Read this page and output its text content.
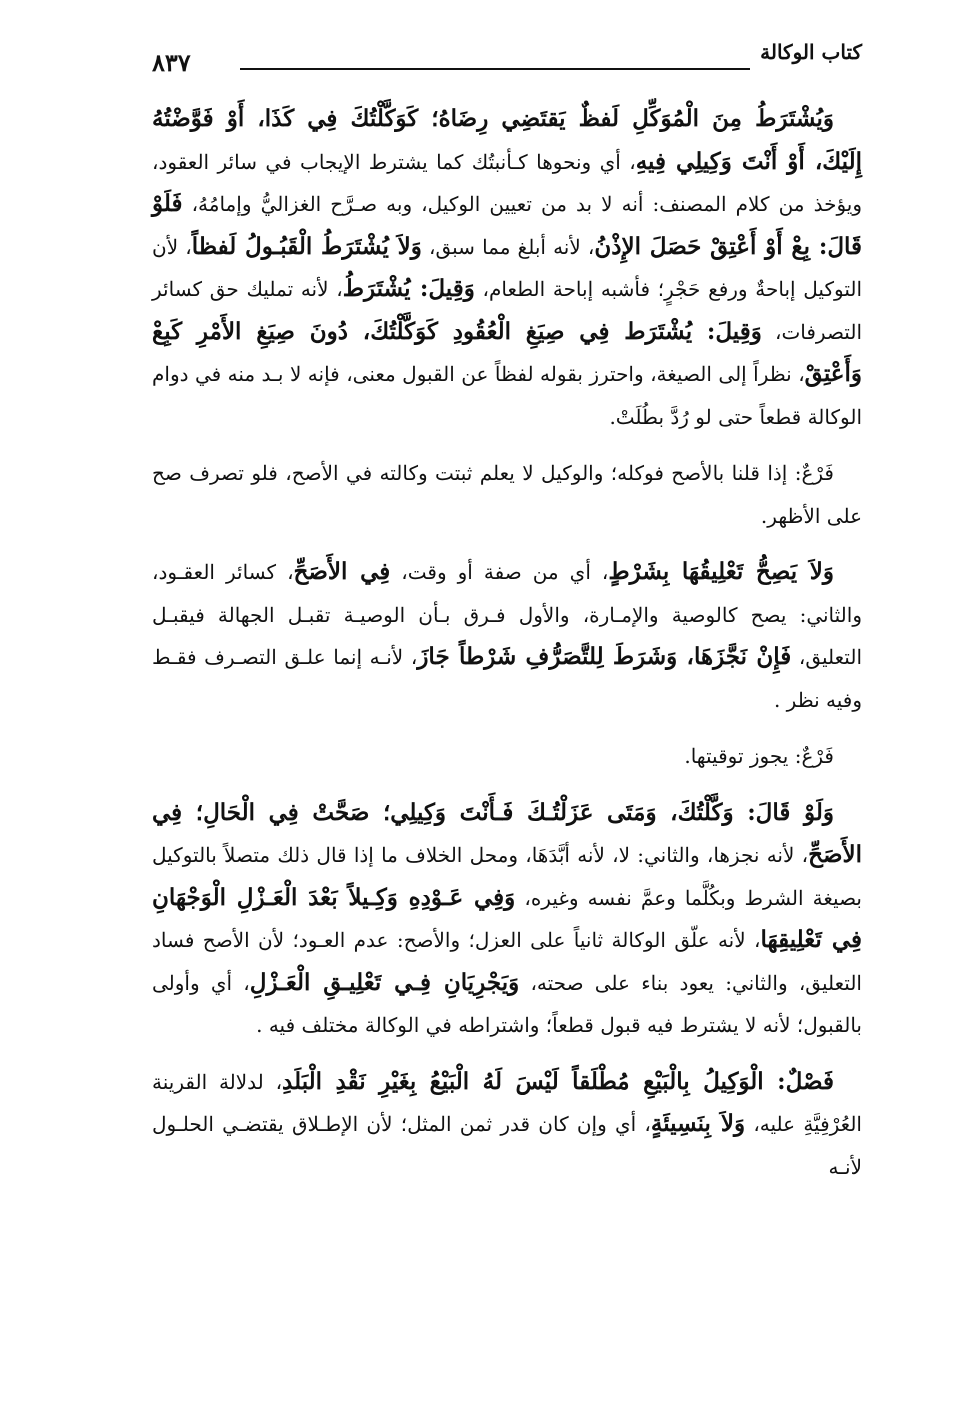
كتاب الوكالة
٨٣٧

وَيُشْتَرَطُ مِنَ الْمُوَكِّلِ لَفظٌ يَقتَضِي رِضَاهُ؛ كَوَكَّلْتُكَ فِي كَذَا، أَوْ فَوَّضْتُهُ إِلَيْكَ، أَوْ أَنْتَ وَكِيلِي فِيهِ، أي ونحوها كـأنبتُك كما يشترط الإيجاب في سائر العقود، ويؤخذ من كلام المصنف: أنه لا بد من تعيين الوكيل، وبه صـرَّح الغزاليُّ وإمامُهُ، فَلَوْ قَالَ: بِعْ أَوْ أَعْتِقْ حَصَلَ الإِذْنُ، لأنه أبلغ مما سبق، وَلاَ يُشْتَرَطُ الْقَبُـولُ لَفظاً، لأن التوكيل إباحةٌ ورفع حَجْرٍ؛ فأشبه إباحة الطعام، وَقِيلَ: يُشْتَرَطُ، لأنه تمليك حق كسائر التصرفات، وَقِيلَ: يُشْتَرَط فِي صِيَغِ الْعُقُودِ كَوَكَّلْتُكَ، دُونَ صِيَغِ الأَمْرِ كَبِعْ وَأَعْتِقْ، نظراً إلى الصيغة، واحترز بقوله لفظاً عن القبول معنى، فإنه لا بـد منه في دوام الوكالة قطعاً حتى لو رُدَّ بطُلَتْ.

فَرْعٌ: إذا قلنا بالأصح فوكله؛ والوكيل لا يعلم ثبتت وكالته في الأصح، فلو تصرف صح على الأظهر.

وَلاَ يَصِحُّ تَعْلِيقُهَا بِشَرْطٍ، أي من صفة أو وقت، فِي الأَصَحِّ، كسائر العقـود، والثاني: يصح كالوصية والإمـارة، والأول فـرق بـأن الوصيـة تقبـل الجهالة فيقبـل التعليق، فَإِنْ نَجَّزَهَا، وَشَرَطَ لِلتَّصَرُّفِ شَرْطاً جَازَ، لأنـه إنما علـق التصـرف فقـط وفيه نظر .

فَرْعٌ: يجوز توقيتها.

وَلَوْ قَالَ: وَكَّلْتُكَ، وَمَتَى عَزَلْتُـكَ فَـأَنْتَ وَكِيلِي؛ صَحَّتْ فِي الْحَالِ؛ فِي الأَصَحِّ، لأنه نجزها، والثاني: لا، لأنه أبَّدَهَا، ومحل الخلاف ما إذا قال ذلك متصلاً بالتوكيل بصيغة الشرط وبكُلَّما وعمَّ نفسه وغيره، وَفِي عَـوْدِهِ وَكِـيلاً بَعْدَ الْعَـزْلِ الْوَجْهَانِ فِي تَعْلِيقِهَا، لأنه علّق الوكالة ثانياً على العزل؛ والأصح: عدم العـود؛ لأن الأصح فساد التعليق، والثاني: يعود بناء على صحته، وَيَجْرِيَانِ فِـي تَعْلِيـقِ الْعَـزْلِ، أي وأولى بالقبول؛ لأنه لا يشترط فيه قبول قطعاً؛ واشتراطه في الوكالة مختلف فيه .

فَصْلٌ: الْوَكِيلُ بِالْبَيْعِ مُطْلَقاً لَيْسَ لَهُ الْبَيْعُ بِغَيْرِ نَقْدِ الْبَلَدِ، لدلالة القرينة العُرْفِيَّةِ عليه، وَلاَ بِنَسِيئَةٍ، أي وإن كان قدر ثمن المثل؛ لأن الإطـلاق يقتضـي الحلـول لأنـه
